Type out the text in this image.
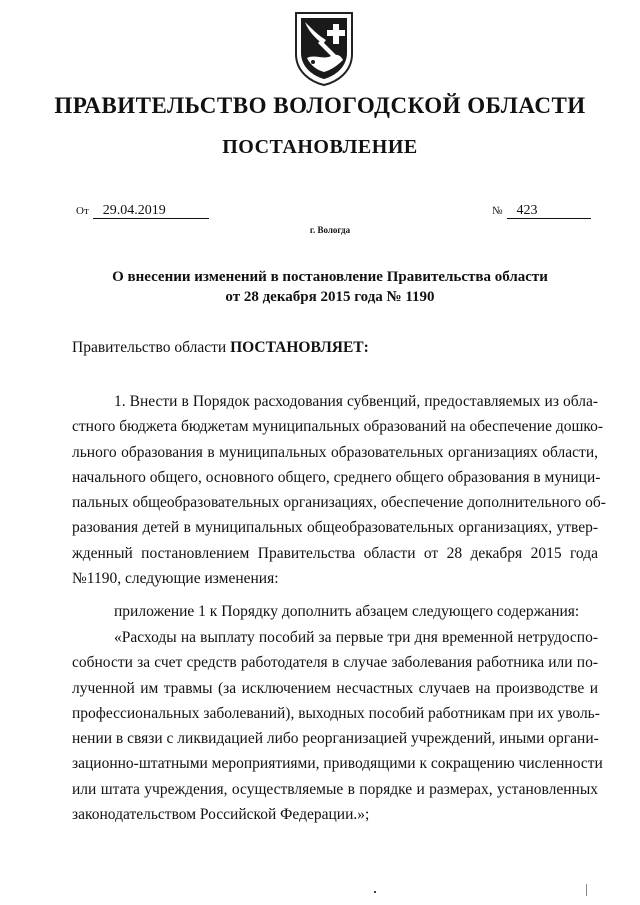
ПРАВИТЕЛЬСТВО ВОЛОГОДСКОЙ ОБЛАСТИ
ПОСТАНОВЛЕНИЕ
От 29.04.2019	№ 423
г. Вологда
О внесении изменений в постановление Правительства области
от 28 декабря 2015 года № 1190
Правительство области ПОСТАНОВЛЯЕТ:
1. Внести в Порядок расходования субвенций, предоставляемых из обла-
стного бюджета бюджетам муниципальных образований на обеспечение дошко-
льного образования в муниципальных образовательных организациях области,
начального общего, основного общего, среднего общего образования в муници-
пальных общеобразовательных организациях, обеспечение дополнительного об-
разования детей в муниципальных общеобразовательных организациях, утвер-
жденный постановлением Правительства области от 28 декабря 2015 года
№1190, следующие изменения:
приложение 1 к Порядку дополнить абзацем следующего содержания:
«Расходы на выплату пособий за первые три дня временной нетрудоспо-
собности за счет средств работодателя в случае заболевания работника или по-
лученной им травмы (за исключением несчастных случаев на производстве и
профессиональных заболеваний), выходных пособий работникам при их уволь-
нении в связи с ликвидацией либо реорганизацией учреждений, иными органи-
зационно-штатными мероприятиями, приводящими к сокращению численности
или штата учреждения, осуществляемые в порядке и размерах, установленных
законодательством Российской Федерации.»;
